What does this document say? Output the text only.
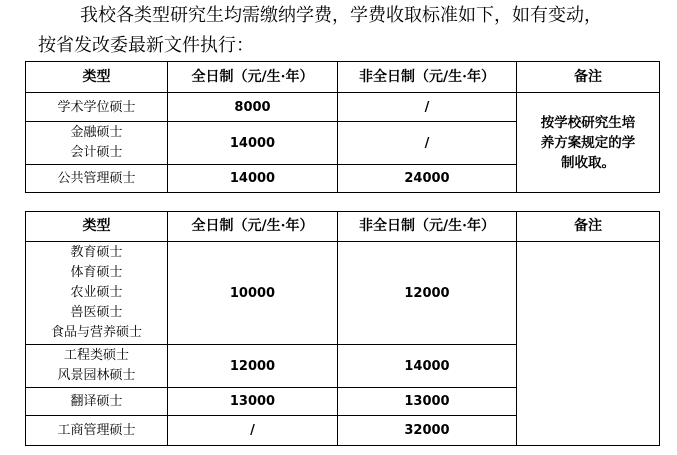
我校各类型研究生均需缴纳学费，学费收取标准如下，如有变动，
按省发改委最新文件执行：
类型	全日制（元/生·年）	非全日制（元/生·年）	备注
学术学位硕士	8000	/	按学校研究生培
养方案规定的学
制收取。

金融硕士
会计硕士	14000	/	
公共管理硕士	14000	24000	
类型	全日制（元/生·年）	非全日制（元/生·年）	备注

教育硕士
体育硕士
农业硕士
兽医硕士
食品与营养硕士	10000	12000	

工程类硕士
风景园林硕士	12000	14000	
翻译硕士	13000	13000	
工商管理硕士	/	32000	
